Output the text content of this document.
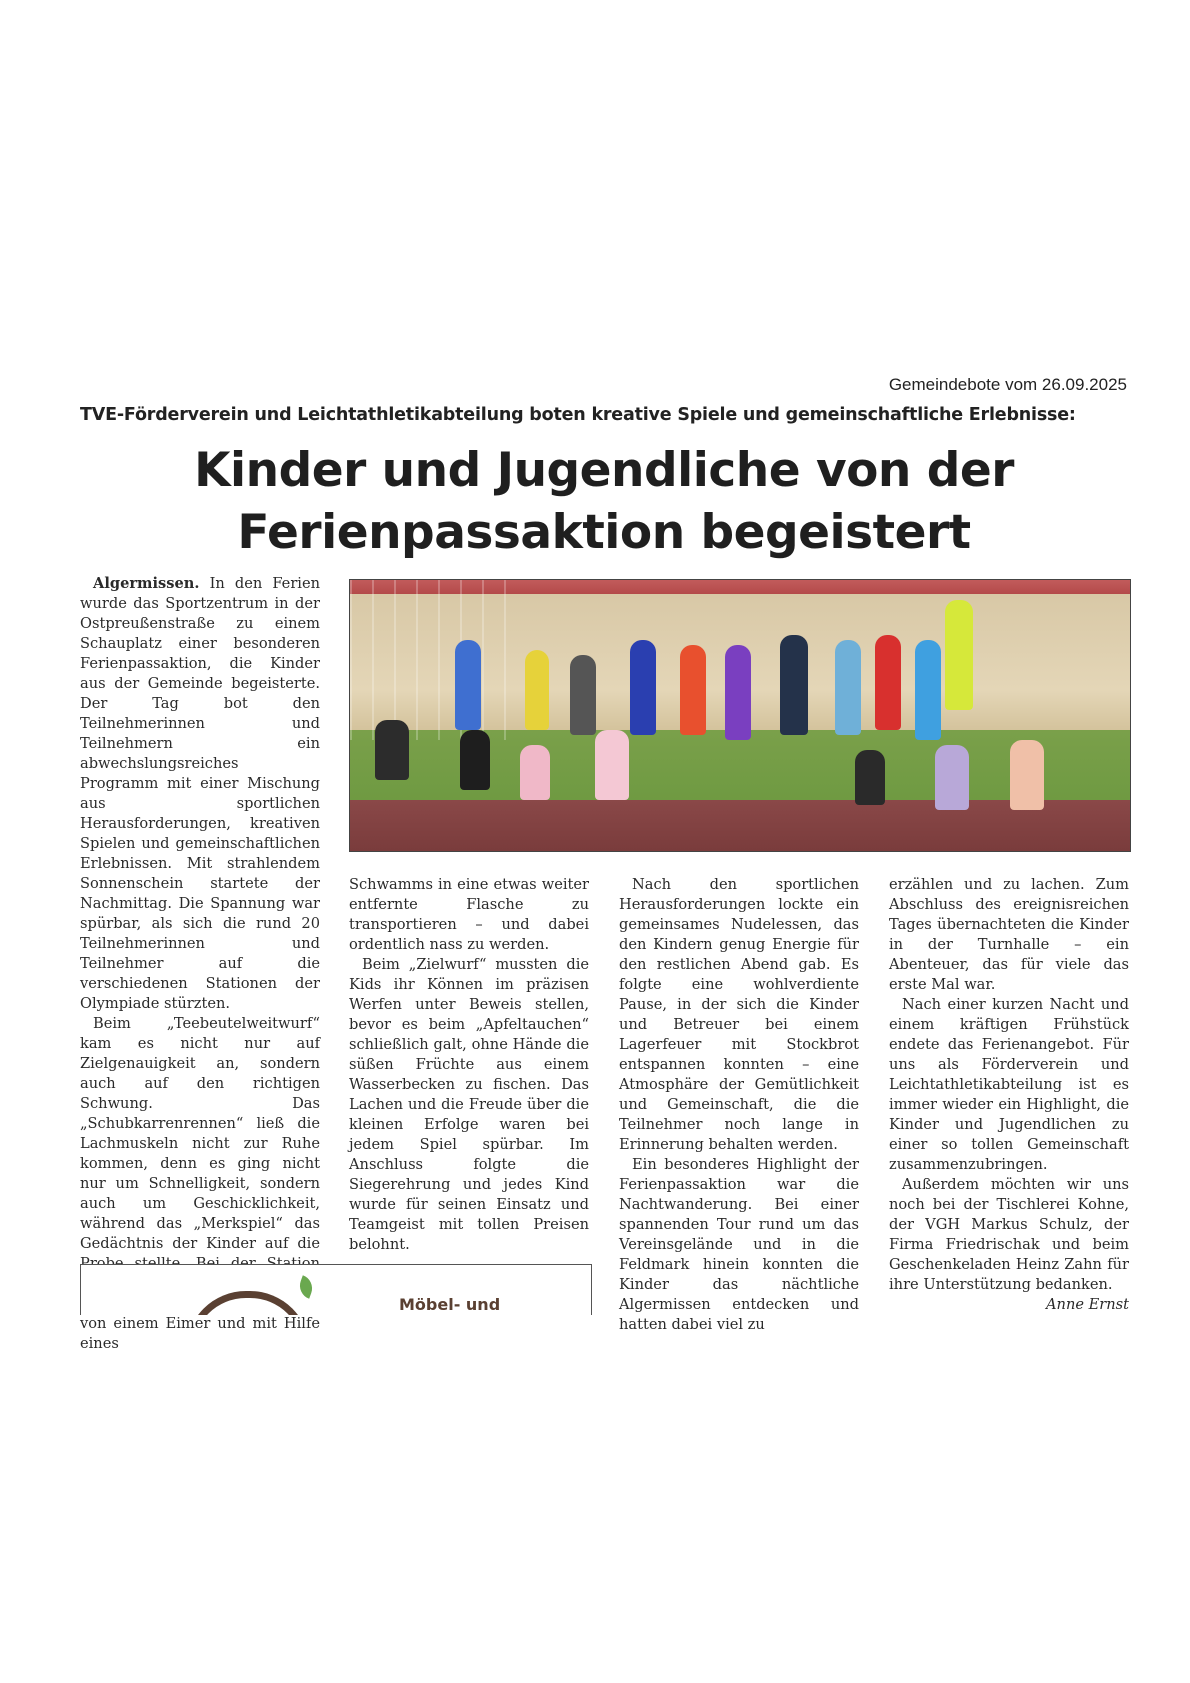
Gemeindebote vom 26.09.2025
TVE-Förderverein und Leichtathletikabteilung boten kreative Spiele und gemeinschaftliche Erlebnisse:
Kinder und Jugendliche von der
Ferienpassaktion begeistert

Algermissen. In den Ferien wurde das Sportzentrum in der Ostpreußenstraße zu einem Schauplatz einer besonderen Ferienpassaktion, die Kinder aus der Gemeinde begeisterte. Der Tag bot den Teilnehmerinnen und Teilnehmern ein abwechslungsreiches Programm mit einer Mischung aus sportlichen Herausforderungen, kreativen Spielen und gemeinschaftlichen Erlebnissen. Mit strahlendem Sonnenschein startete der Nachmittag. Die Spannung war spürbar, als sich die rund 20 Teilnehmerinnen und Teilnehmer auf die verschiedenen Stationen der Olympiade stürzten.

Beim „Teebeutelweitwurf“ kam es nicht nur auf Zielgenauigkeit an, sondern auch auf den richtigen Schwung. Das „Schubkarrenrennen“ ließ die Lachmuskeln nicht zur Ruhe kommen, denn es ging nicht nur um Schnelligkeit, sondern auch um Geschicklichkeit, während das „Merkspiel“ das Gedächtnis der Kinder auf die von einem Eimer und mit Hilfe eines

Schwamms in eine etwas weiter entfernte Flasche zu transportieren – und dabei ordentlich nass zu werden.

Beim „Zielwurf“ mussten die Kids ihr Können im präzisen Werfen unter Beweis stellen, bevor es beim „Apfeltauchen“ schließlich galt, ohne Hände die süßen Früchte aus einem Wasserbecken zu fischen. Das Lachen und die Freude über die kleinen Erfolge waren bei jedem Spiel spürbar. Im Anschluss folgte die Siegerehrung und jedes Kind wurde für seinen Einsatz und Teamgeist mit tollen Preisen belohnt.

Nach den sportlichen Herausforderungen lockte ein gemeinsames Nudelessen, das den Kindern genug Energie für den restlichen Abend gab. Es folgte eine wohlverdiente Pause, in der sich die Kinder und Betreuer bei einem Lagerfeuer mit Stockbrot entspannen konnten – eine Atmosphäre der Gemütlichkeit und Gemeinschaft, die die Teilnehmer noch lange in Erinnerung behalten werden.

Ein besonderes Highlight der Ferienpassaktion war die Nachtwanderung. Bei einer spannenden Tour rund um das Vereinsgelände und in die Feldmark hinein konnten die Kinder das nächtliche Algermissen entdecken und hatten dabei viel zu

erzählen und zu lachen. Zum Abschluss des ereignisreichen Tages übernachteten die Kinder in der Turnhalle – ein Abenteuer, das für viele das erste Mal war.

Nach einer kurzen Nacht und einem kräftigen Frühstück endete das Ferienangebot. Für uns als Förderverein und Leichtathletikabteilung ist es immer wieder ein Highlight, die Kinder und Jugendlichen zu einer so tollen Gemeinschaft zusammenzubringen.

Außerdem möchten wir uns noch bei der Tischlerei Kohne, der VGH Markus Schulz, der Firma Friedrischak und beim Geschenkeladen Heinz Zahn für ihre Unterstützung bedanken.

Anne Ernst

Möbel- und
